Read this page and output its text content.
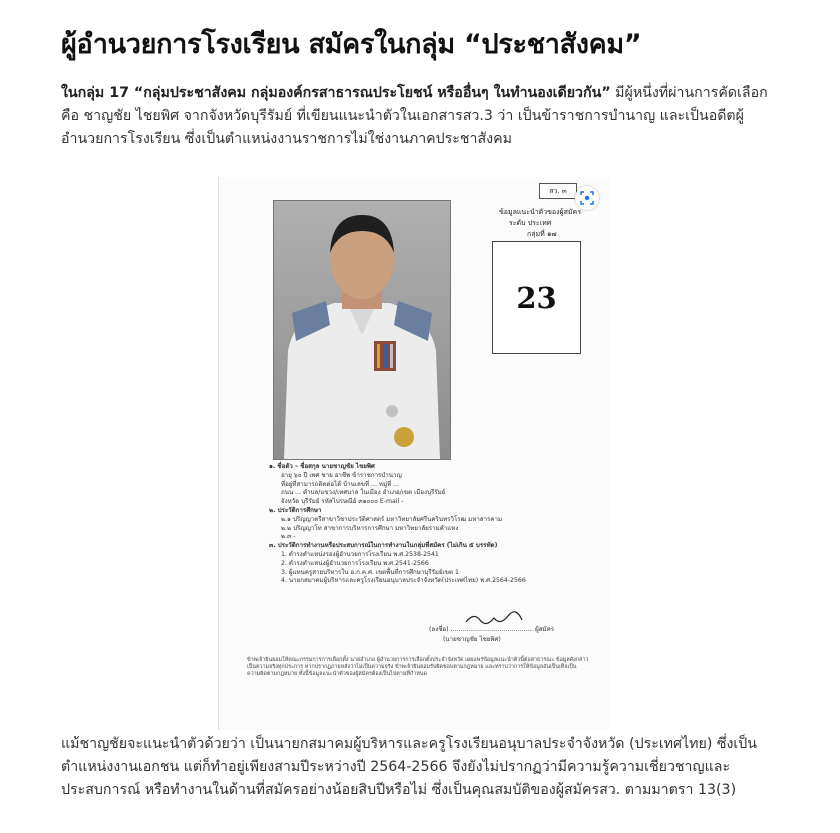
ผู้อำนวยการโรงเรียน สมัครในกลุ่ม “ประชาสังคม”

ในกลุ่ม 17 “กลุ่มประชาสังคม กลุ่มองค์กรสาธารณประโยชน์ หรืออื่นๆ ในทำนองเดียวกัน” มีผู้หนึ่งที่ผ่านการคัดเลือก คือ ชาญชัย ไชยพิศ จากจังหวัดบุรีรัมย์ ที่เขียนแนะนำตัวในเอกสารสว.3 ว่า เป็นข้าราชการบำนาญ และเป็นอดีตผู้อำนวยการโรงเรียน ซึ่งเป็นตำแหน่งงานราชการไม่ใช่งานภาคประชาสังคม

สว. ๓
ข้อมูลแนะนำตัวของผู้สมัคร
ระดับ ประเทศ
กลุ่มที่ ๑๗
23
๑. ชื่อตัว – ชื่อสกุล นายชาญชัย ไชยพิศ
อายุ ๖๐ ปี เพศ ชาย อาชีพ ข้าราชการบำนาญ
ที่อยู่ที่สามารถติดต่อได้ บ้านเลขที่ ... หมู่ที่ ...
ถนน ... ตำบล/แขวง/เทศบาล ในเมือง อำเภอ/เขต เมืองบุรีรัมย์
จังหวัด บุรีรัมย์ รหัสไปรษณีย์ ๓๑๐๐๐ E-mail -
๒. ประวัติการศึกษา
๒.๑ ปริญญาตรีสาขาวิชาประวัติศาสตร์ มหาวิทยาลัยศรีนครินทรวิโรฒ มหาสารคาม
๒.๒ ปริญญาโท สาขาการบริหารการศึกษา มหาวิทยาลัยรามคำแหง
๒.๓ -
๓. ประวัติการทำงานหรือประสบการณ์ในการทำงานในกลุ่มที่สมัคร (ไม่เกิน ๕ บรรทัด)
1. ดำรงตำแหน่งรองผู้อำนวยการโรงเรียน พ.ศ.2538-2541
2. ดำรงตำแหน่งผู้อำนวยการโรงเรียน พ.ศ.2541-2566
3. ผู้แทนครูสายบริหารใน อ.ก.ค.ศ. เขตพื้นที่การศึกษาบุรีรัมย์เขต 1
4. นายกสมาคมผู้บริหารและครูโรงเรียนอนุบาลประจำจังหวัด(ประเทศไทย) พ.ศ.2564-2566
(ลงชื่อ) .......................................... ผู้สมัคร
(นายชาญชัย ไชยพิศ)
ข้าพเจ้ายินยอมให้คณะกรรมการการเลือกตั้ง นายอำเภอ ผู้อำนวยการการเลือกตั้งประจำจังหวัด เผยแพร่ข้อมูลแนะนำตัวนี้ต่อสาธารณะ ข้อมูลดังกล่าวเป็นความจริงทุกประการ หากปรากฏภายหลังว่าไม่เป็นความจริง ข้าพเจ้ายินยอมรับผิดชอบตามกฎหมาย และทราบว่าการให้ข้อมูลอันเป็นเท็จเป็นความผิดตามกฎหมาย ทั้งนี้ข้อมูลแนะนำตัวของผู้สมัครต้องเป็นไปตามที่กำหนด

แม้ชาญชัยจะแนะนำตัวด้วยว่า เป็นนายกสมาคมผู้บริหารและครูโรงเรียนอนุบาลประจำจังหวัด (ประเทศไทย) ซึ่งเป็นตำแหน่งงานเอกชน แต่ก็ทำอยู่เพียงสามปีระหว่างปี 2564-2566 จึงยังไม่ปรากฏว่ามีความรู้ความเชี่ยวชาญและประสบการณ์ หรือทำงานในด้านที่สมัครอย่างน้อยสิบปีหรือไม่ ซึ่งเป็นคุณสมบัติของผู้สมัครสว. ตามมาตรา 13(3)
